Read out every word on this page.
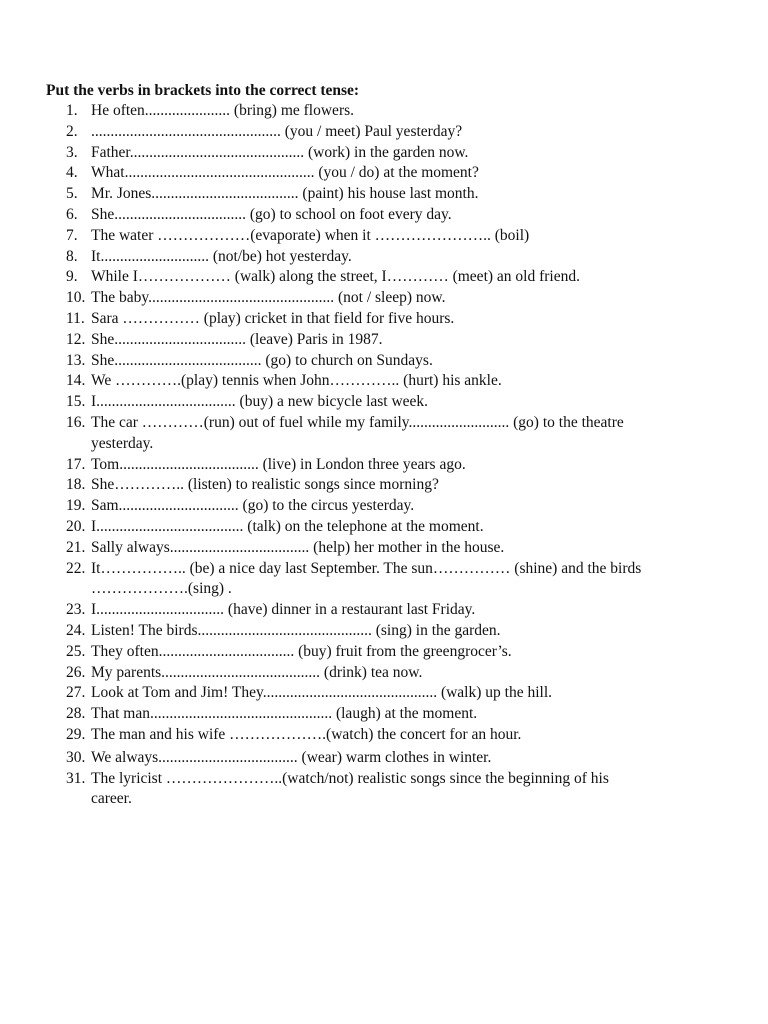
Put the verbs in brackets into the correct tense:
1. He often...................... (bring) me flowers.
2. ................................................. (you / meet) Paul yesterday?
3. Father............................................. (work) in the garden now.
4. What................................................. (you / do) at the moment?
5. Mr. Jones...................................... (paint) his house last month.
6. She.................................. (go) to school on foot every day.
7. The water ………………(evaporate) when it ………………….. (boil)
8. It............................ (not/be) hot yesterday.
9. While I……………… (walk) along the street, I………… (meet) an old friend.
10. The baby................................................ (not / sleep) now.
11. Sara …………… (play) cricket in that field for five hours.
12. She.................................. (leave) Paris in 1987.
13. She...................................... (go) to church on Sundays.
14. We ………….(play) tennis when John………….. (hurt) his ankle.
15. I.................................... (buy) a new bicycle last week.
16. The car …………(run) out of fuel while my family.......................... (go) to the theatre
yesterday.
17. Tom.................................... (live) in London three years ago.
18. She………….. (listen) to realistic songs since morning?
19. Sam............................... (go) to the circus yesterday.
20. I...................................... (talk) on the telephone at the moment.
21. Sally always.................................... (help) her mother in the house.
22. It…………….. (be) a nice day last September. The sun…………… (shine) and the birds
……………….(sing) .
23. I................................. (have) dinner in a restaurant last Friday.
24. Listen! The birds............................................. (sing) in the garden.
25. They often................................... (buy) fruit from the greengrocer’s.
26. My parents......................................... (drink) tea now.
27. Look at Tom and Jim! They............................................. (walk) up the hill.
28. That man............................................... (laugh) at the moment.
29. The man and his wife ……………….(watch) the concert for an hour.
30. We always.................................... (wear) warm clothes in winter.
31. The lyricist …………………..(watch/not) realistic songs since the beginning of his
career.
